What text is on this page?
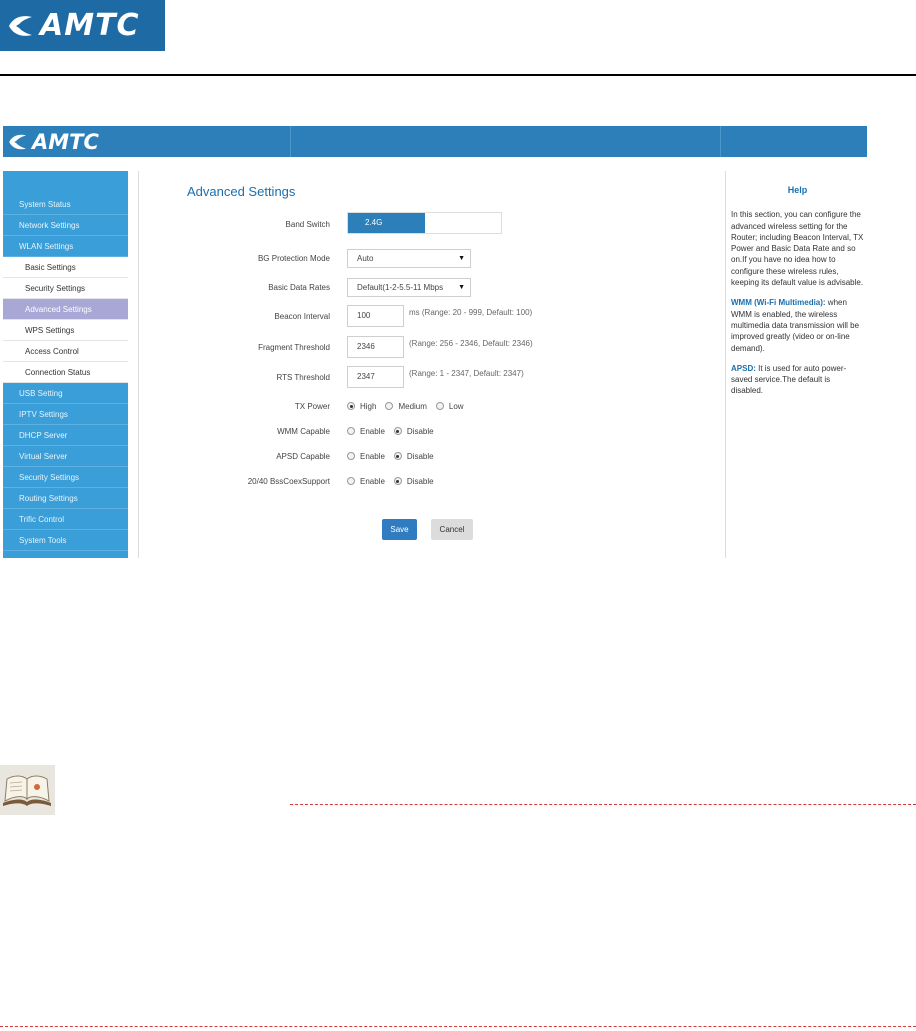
AMTC
AMTC
System Status
Network Settings
WLAN Settings
Basic Settings
Security Settings
Advanced Settings
WPS Settings
Access Control
Connection Status
USB Setting
IPTV Settings
DHCP Server
Virtual Server
Security Settings
Routing Settings
Trific Control
System Tools
Advanced Settings
Band Switch	2.4G
BG Protection Mode	Auto	▼
Basic Data Rates	Default(1-2-5.5-11 Mbps ▼
Beacon Interval	100	ms (Range: 20 - 999, Default: 100)
Fragment Threshold	2346	(Range: 256 - 2346, Default: 2346)
RTS Threshold	2347	(Range: 1 - 2347, Default: 2347)
TX Power	High	Medium	Low
WMM Capable	Enable	Disable
APSD Capable	Enable	Disable
20/40 BssCoexSupport	Enable	Disable
Save	Cancel
Help

In this section, you can configure the advanced wireless setting for the Router; including Beacon Interval, TX Power and Basic Data Rate and so on.If you have no idea how to configure these wireless rules, keeping its default value is advisable.

WMM (Wi-Fi Multimedia): when WMM is enabled, the wireless multimedia data transmission will be improved greatly (video or on-line demand).

APSD: It is used for auto power-saved service.The default is disabled.
